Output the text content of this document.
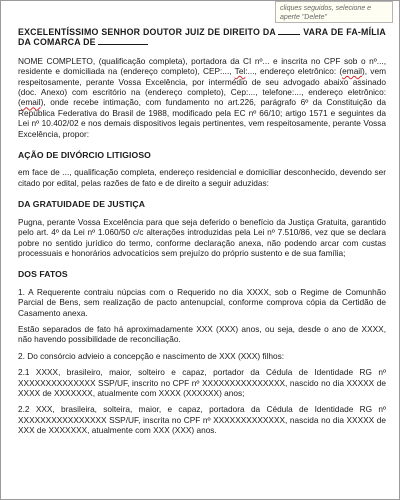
cliques seguidos, selecione e
aperte "Delete"

EXCELENTÍSSIMO SENHOR DOUTOR JUIZ DE DIREITO DA	VARA DE FA-MÍLIA DA COMARCA DE

NOME COMPLETO, (qualificação completa), portadora da CI nº... e inscrita no CPF sob o nº..., residente e domiciliada na (endereço completo), CEP:..., Tel:..., endereço eletrônico: (email), vem respeitosamente, perante Vossa Excelência, por intermédio de seu advogado abaixo assinado (doc. Anexo) com escritório na (endereço completo), Cep:..., telefone:..., endereço eletrônico: (email), onde recebe intimação, com fundamento no art.226, parágrafo 6º da Constituição da República Federativa do Brasil de 1988, modificado pela EC nº 66/10; artigo 1571 e seguintes da Lei nº 10.402/02 e nos demais dispositivos legais pertinentes, vem respeitosamente, perante Vossa Excelência, propor:

AÇÃO DE DIVÓRCIO LITIGIOSO

em face de ..., qualificação completa, endereço residencial e domiciliar desconhecido, devendo ser citado por edital, pelas razões de fato e de direito a seguir aduzidas:

DA GRATUIDADE DE JUSTIÇA

Pugna, perante Vossa Excelência para que seja deferido o benefício da Justiça Gratuita, garantido pelo art. 4º da Lei nº 1.060/50 c/c alterações introduzidas pela Lei nº 7.510/86, vez que se declara pobre no sentido jurídico do termo, conforme declaração anexa, não podendo arcar com custas processuais e honorários advocatícios sem prejuízo do próprio sustento e de sua família;

DOS FATOS

1. A Requerente contraiu núpcias com o Requerido no dia XXXX, sob o Regime de Comunhão Parcial de Bens, sem realização de pacto antenupcial, conforme comprova cópia da Certidão de Casamento anexa.

Estão separados de fato há aproximadamente XXX (XXX) anos, ou seja, desde o ano de XXXX, não havendo possibilidade de reconciliação.

2. Do consórcio advieio a concepção e nascimento de XXX (XXX) filhos:

2.1 XXXX, brasileiro, maior, solteiro e capaz, portador da Cédula de Identidade RG nº XXXXXXXXXXXXXX SSP/UF, inscrito no CPF nº XXXXXXXXXXXXXXX, nascido no dia XXXXX de XXXX de XXXXXXX, atualmente com XXXX (XXXXXX) anos;

2.2 XXX, brasileira, solteira, maior, e capaz, portadora da Cédula de Identidade RG nº XXXXXXXXXXXXXXXX SSP/UF, inscrita no CPF nº XXXXXXXXXXXXX, nascida no dia XXXXX de XXX de XXXXXXX, atualmente com XXX (XXX) anos.
